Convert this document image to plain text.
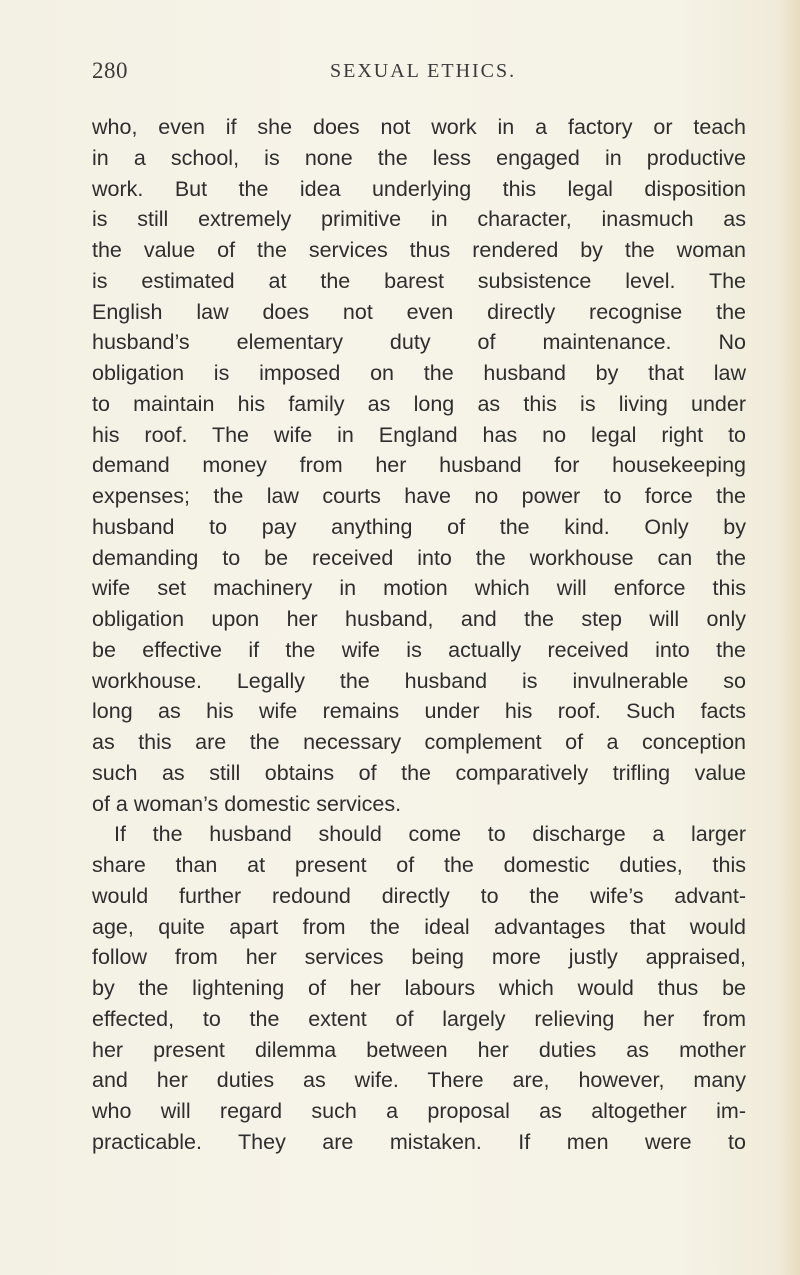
280	SEXUAL ETHICS.
who, even if she does not work in a factory or teach
in a school, is none the less engaged in productive
work. But the idea underlying this legal disposition
is still extremely primitive in character, inasmuch as
the value of the services thus rendered by the woman
is estimated at the barest subsistence level. The
English law does not even directly recognise the
husband’s elementary duty of maintenance. No
obligation is imposed on the husband by that law
to maintain his family as long as this is living under
his roof. The wife in England has no legal right to
demand money from her husband for housekeeping
expenses; the law courts have no power to force the
husband to pay anything of the kind. Only by
demanding to be received into the workhouse can the
wife set machinery in motion which will enforce this
obligation upon her husband, and the step will only
be effective if the wife is actually received into the
workhouse. Legally the husband is invulnerable so
long as his wife remains under his roof. Such facts
as this are the necessary complement of a conception
such as still obtains of the comparatively trifling value
of a woman’s domestic services.
If the husband should come to discharge a larger
share than at present of the domestic duties, this
would further redound directly to the wife’s advant-
age, quite apart from the ideal advantages that would
follow from her services being more justly appraised,
by the lightening of her labours which would thus be
effected, to the extent of largely relieving her from
her present dilemma between her duties as mother
and her duties as wife. There are, however, many
who will regard such a proposal as altogether im-
practicable. They are mistaken. If men were to
